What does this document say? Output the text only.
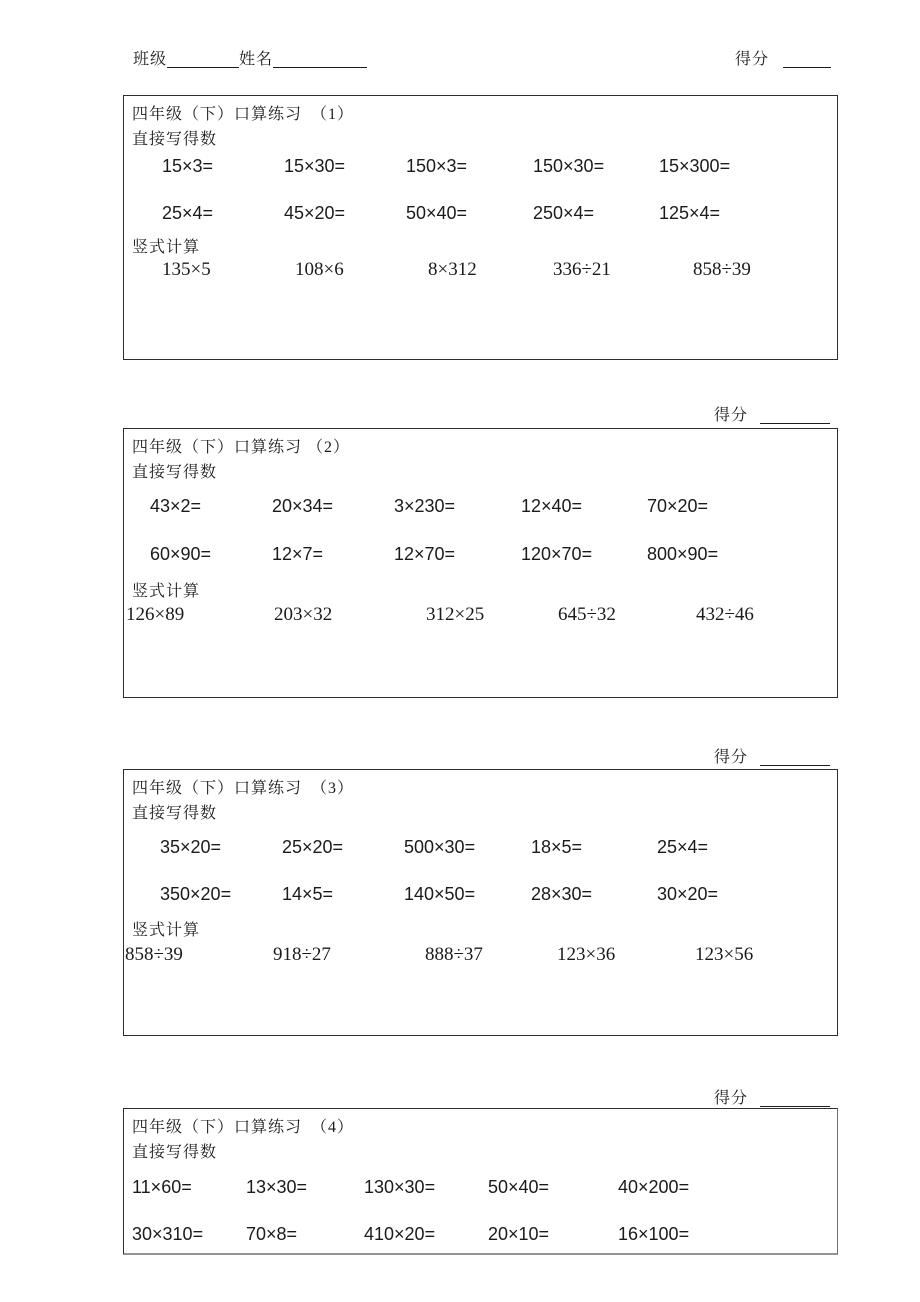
班级	姓名	得分
得分
得分
得分
四年级（下）口算练习　（1）
直接写得数
15×3=	15×30=	150×3=	150×30=	15×300=
25×4=	45×20=	50×40=	250×4=	125×4=
竖式计算
135×5	108×6	8×312	336÷21	858÷39
四年级（下）口算练习 （2）
直接写得数
43×2=	20×34=	3×230=	12×40=	70×20=
60×90=	12×7=	12×70=	120×70=	800×90=
竖式计算
126×89	203×32	312×25	645÷32	432÷46
四年级（下）口算练习　（3）
直接写得数
35×20=	25×20=	500×30=	18×5=	25×4=
350×20=	14×5=	140×50=	28×30=	30×20=
竖式计算
858÷39	918÷27	888÷37	123×36	123×56
四年级（下）口算练习　（4）
直接写得数
11×60=	13×30=	130×30=	50×40=	40×200=
30×310=	70×8=	410×20=	20×10=	16×100=
